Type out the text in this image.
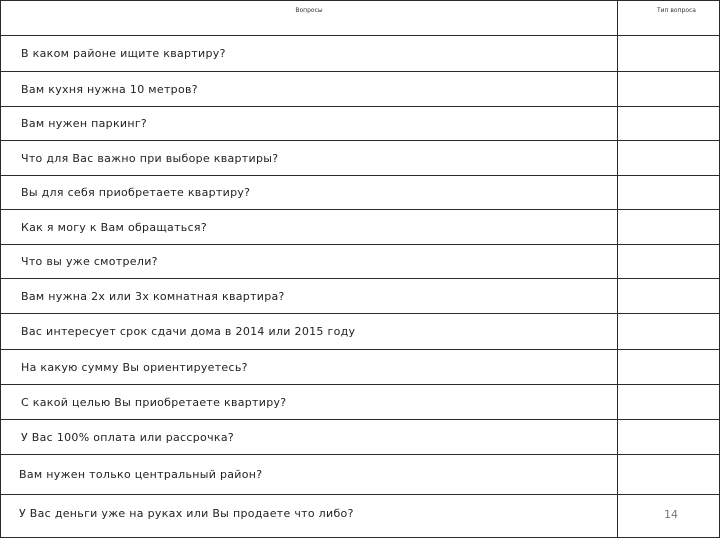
$^{Вопросы}$	$^{Тип вопроса}$
В каком районе ищите квартиру?	
Вам кухня нужна 10 метров?	
Вам нужен паркинг?	
Что для Вас важно при выборе квартиры?	
Вы для себя приобретаете квартиру?	
Как я могу к Вам обращаться?	
Что вы уже смотрели?	
Вам нужна 2х или 3х комнатная квартира?	
Вас интересует срок сдачи дома в 2014 или 2015 году	
На какую сумму Вы ориентируетесь?	
С какой целью Вы приобретаете квартиру?	
У Вас 100% оплата или рассрочка?	
Вам нужен только центральный район?	
У Вас деньги уже на руках или Вы продаете что либо?		14
